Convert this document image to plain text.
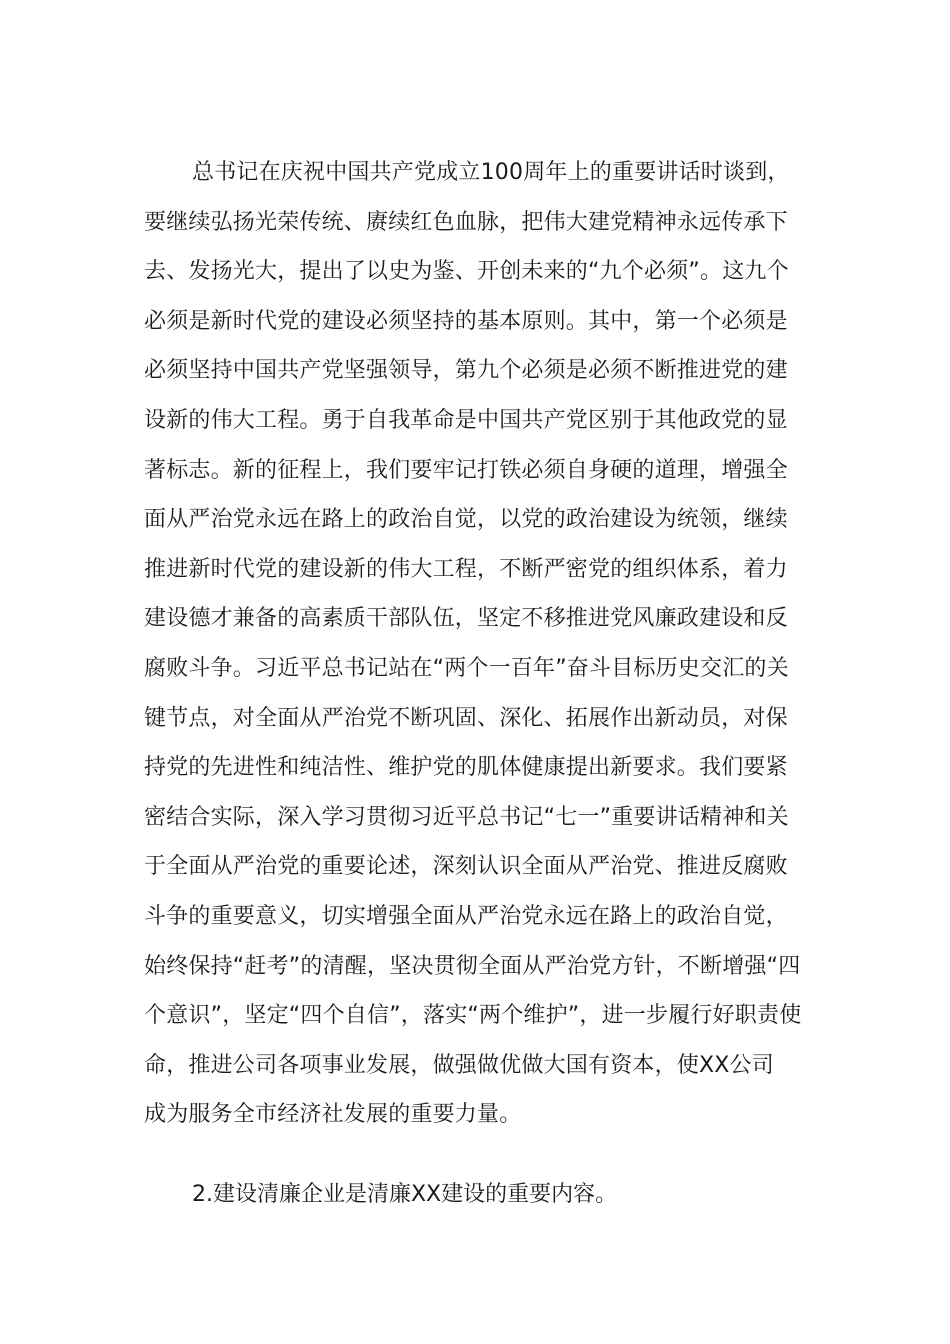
总书记在庆祝中国共产党成立100周年上的重要讲话时谈到，
要继续弘扬光荣传统、赓续红色血脉，把伟大建党精神永远传承下
去、发扬光大，提出了以史为鉴、开创未来的“九个必须”。这九个
必须是新时代党的建设必须坚持的基本原则。其中，第一个必须是
必须坚持中国共产党坚强领导，第九个必须是必须不断推进党的建
设新的伟大工程。勇于自我革命是中国共产党区别于其他政党的显
著标志。新的征程上，我们要牢记打铁必须自身硬的道理，增强全
面从严治党永远在路上的政治自觉，以党的政治建设为统领，继续
推进新时代党的建设新的伟大工程，不断严密党的组织体系，着力
建设德才兼备的高素质干部队伍，坚定不移推进党风廉政建设和反
腐败斗争。习近平总书记站在“两个一百年”奋斗目标历史交汇的关
键节点，对全面从严治党不断巩固、深化、拓展作出新动员，对保
持党的先进性和纯洁性、维护党的肌体健康提出新要求。我们要紧
密结合实际，深入学习贯彻习近平总书记“七一”重要讲话精神和关
于全面从严治党的重要论述，深刻认识全面从严治党、推进反腐败
斗争的重要意义，切实增强全面从严治党永远在路上的政治自觉，
始终保持“赶考”的清醒，坚决贯彻全面从严治党方针，不断增强“四
个意识”，坚定“四个自信”，落实“两个维护”，进一步履行好职责使
命，推进公司各项事业发展，做强做优做大国有资本，使XX公司
成为服务全市经济社发展的重要力量。

2.建设清廉企业是清廉XX建设的重要内容。
